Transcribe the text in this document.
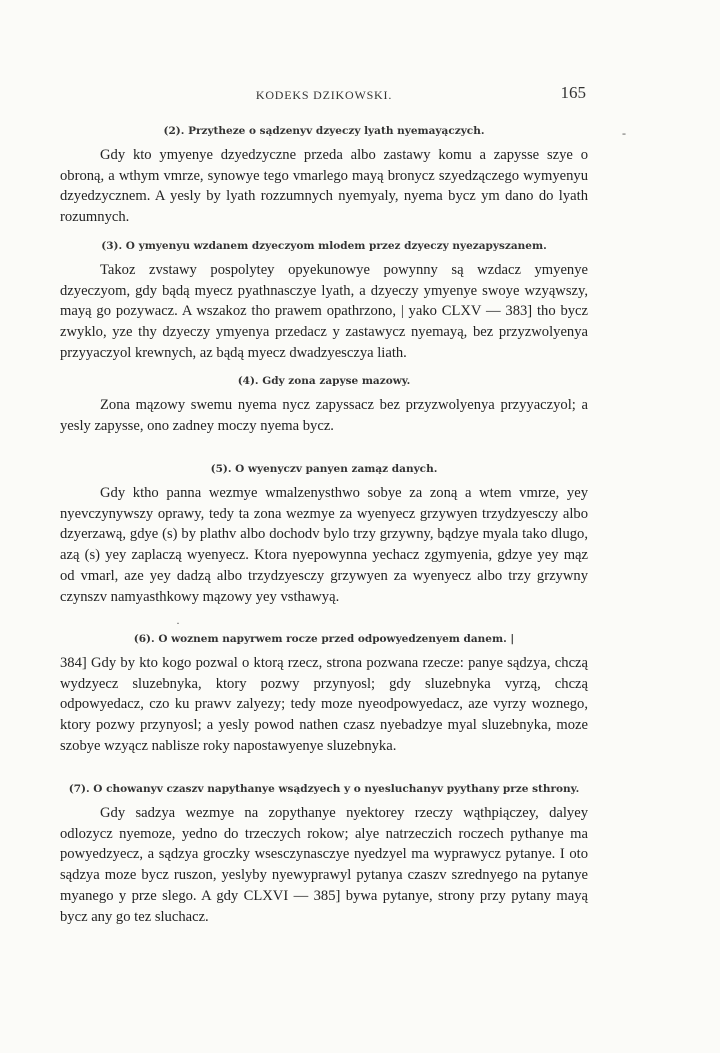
KODEKS DZIKOWSKI.	165
-
(2). Przytheze o sądzenyv dzyeczy lyath nyemayączych.
Gdy kto ymyenye dzyedzyczne przeda albo zastawy komu a zapysse szye o obroną, a wthym vmrze, synowye tego vmarlego mayą bronycz szyedzączego wymyenyu dzyedzycznem. A yesly by lyath rozzumnych nyemyaly, nyema bycz ym dano do lyath rozumnych.
(3). O ymyenyu wzdanem dzyeczyom mlodem przez dzyeczy nyezapyszanem.
Takoz zvstawy pospolytey opyekunowye powynny są wzdacz ymyenye dzyeczyom, gdy bądą myecz pyathnasczye lyath, a dzyeczy ymyenye swoye wzyąwszy, mayą go pozywacz. A wszakoz tho prawem opathrzono, | yako CLXV — 383] tho bycz zwyklo, yze thy dzyeczy ymyenya przedacz y zastawycz nyemayą, bez przyzwolyenya przyyaczyol krewnych, az bądą myecz dwadzyesczya liath.
(4). Gdy zona zapyse mazowy.
Zona mązowy swemu nyema nycz zapyssacz bez przyzwolyenya przyyaczyol; a yesly zapysse, ono zadney moczy nyema bycz.
(5). O wyenyczv panyen zamąz danych.
Gdy ktho panna wezmye wmalzenysthwo sobye za zoną a wtem vmrze, yey nyevczynywszy oprawy, tedy ta zona wezmye za wyenyecz grzywyen trzydzyesczy albo dzyerzawą, gdye (s) by plathv albo dochodv bylo trzy grzywny, bądzye myala tako dlugo, azą (s) yey zaplaczą wyenyecz. Ktora nyepowynna yechacz zgymyenia, gdzye yey mąz od vmarl, aze yey dadzą albo trzydzyesczy grzywyen za wyenyecz albo trzy grzywny czynszv namyasthkowy mązowy yey vsthawyą.
·
(6). O woznem napyrwem rocze przed odpowyedzenyem danem. |
384] Gdy by kto kogo pozwal o ktorą rzecz, strona pozwana rzecze: panye sądzya, chczą wydzyecz sluzebnyka, ktory pozwy przynyosl; gdy sluzebnyka vyrzą, chczą odpowyedacz, czo ku prawv zalyezy; tedy moze nyeodpowyedacz, aze vyrzy woznego, ktory pozwy przynyosl; a yesly powod nathen czasz nyebadzye myal sluzebnyka, moze szobye wzyącz nablisze roky napostawyenye sluzebnyka.
(7). O chowanyv czaszv napythanye wsądzyech y o nyesluchanyv pyythany prze sthrony.
Gdy sadzya wezmye na zopythanye nyektorey rzeczy wąthpiączey, dalyey odlozycz nyemoze, yedno do trzeczych rokow; alye natrzeczich roczech pythanye ma powyedzyecz, a sądzya groczky wsesczynasczye nyedzyel ma wyprawycz pytanye. I oto sądzya moze bycz ruszon, yeslyby nyewyprawyl pytanya czaszv szrednyego na pytanye myanego y prze slego. A gdy CLXVI — 385] bywa pytanye, strony przy pytany mayą bycz any go tez sluchacz.
